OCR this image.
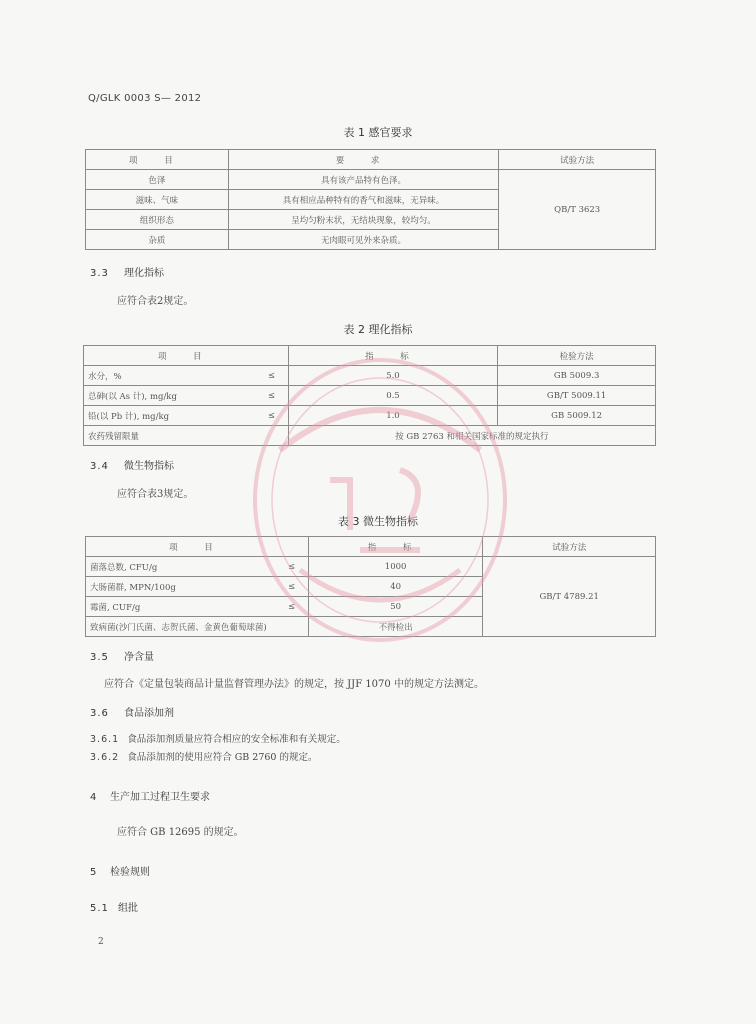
Q/GLK 0003 S— 2012
表 1 感官要求
项 目	要 求	试验方法
色泽	具有该产品特有色泽。	QB/T 3623
滋味、气味	具有相应品种特有的香气和滋味，无异味。	
组织形态	呈均匀粉末状，无结块现象，较均匀。	
杂质	无肉眼可见外来杂质。	
3.3 理化指标
应符合表2规定。
表 2 理化指标
项 目		指 标	检验方法
水分，%	≤	5.0	GB 5009.3
总砷(以 As 计), mg/kg	≤	0.5	GB/T 5009.11
铅(以 Pb 计), mg/kg	≤	1.0	GB 5009.12
农药残留限量		按 GB 2763 和相关国家标准的规定执行	
3.4 微生物指标
应符合表3规定。
表 3 微生物指标
项 目		指 标	试验方法
菌落总数, CFU/g	≤	1000	GB/T 4789.21
大肠菌群, MPN/100g	≤	40	
霉菌, CUF/g	≤	50	
致病菌(沙门氏菌、志贺氏菌、金黄色葡萄球菌)		不得检出	
3.5 净含量
应符合《定量包装商品计量监督管理办法》的规定，按 JJF 1070 中的规定方法测定。
3.6 食品添加剂
3.6.1 食品添加剂质量应符合相应的安全标准和有关规定。
3.6.2 食品添加剂的使用应符合 GB 2760 的规定。
4 生产加工过程卫生要求
应符合 GB 12695 的规定。
5 检验规则
5.1 组批
2
